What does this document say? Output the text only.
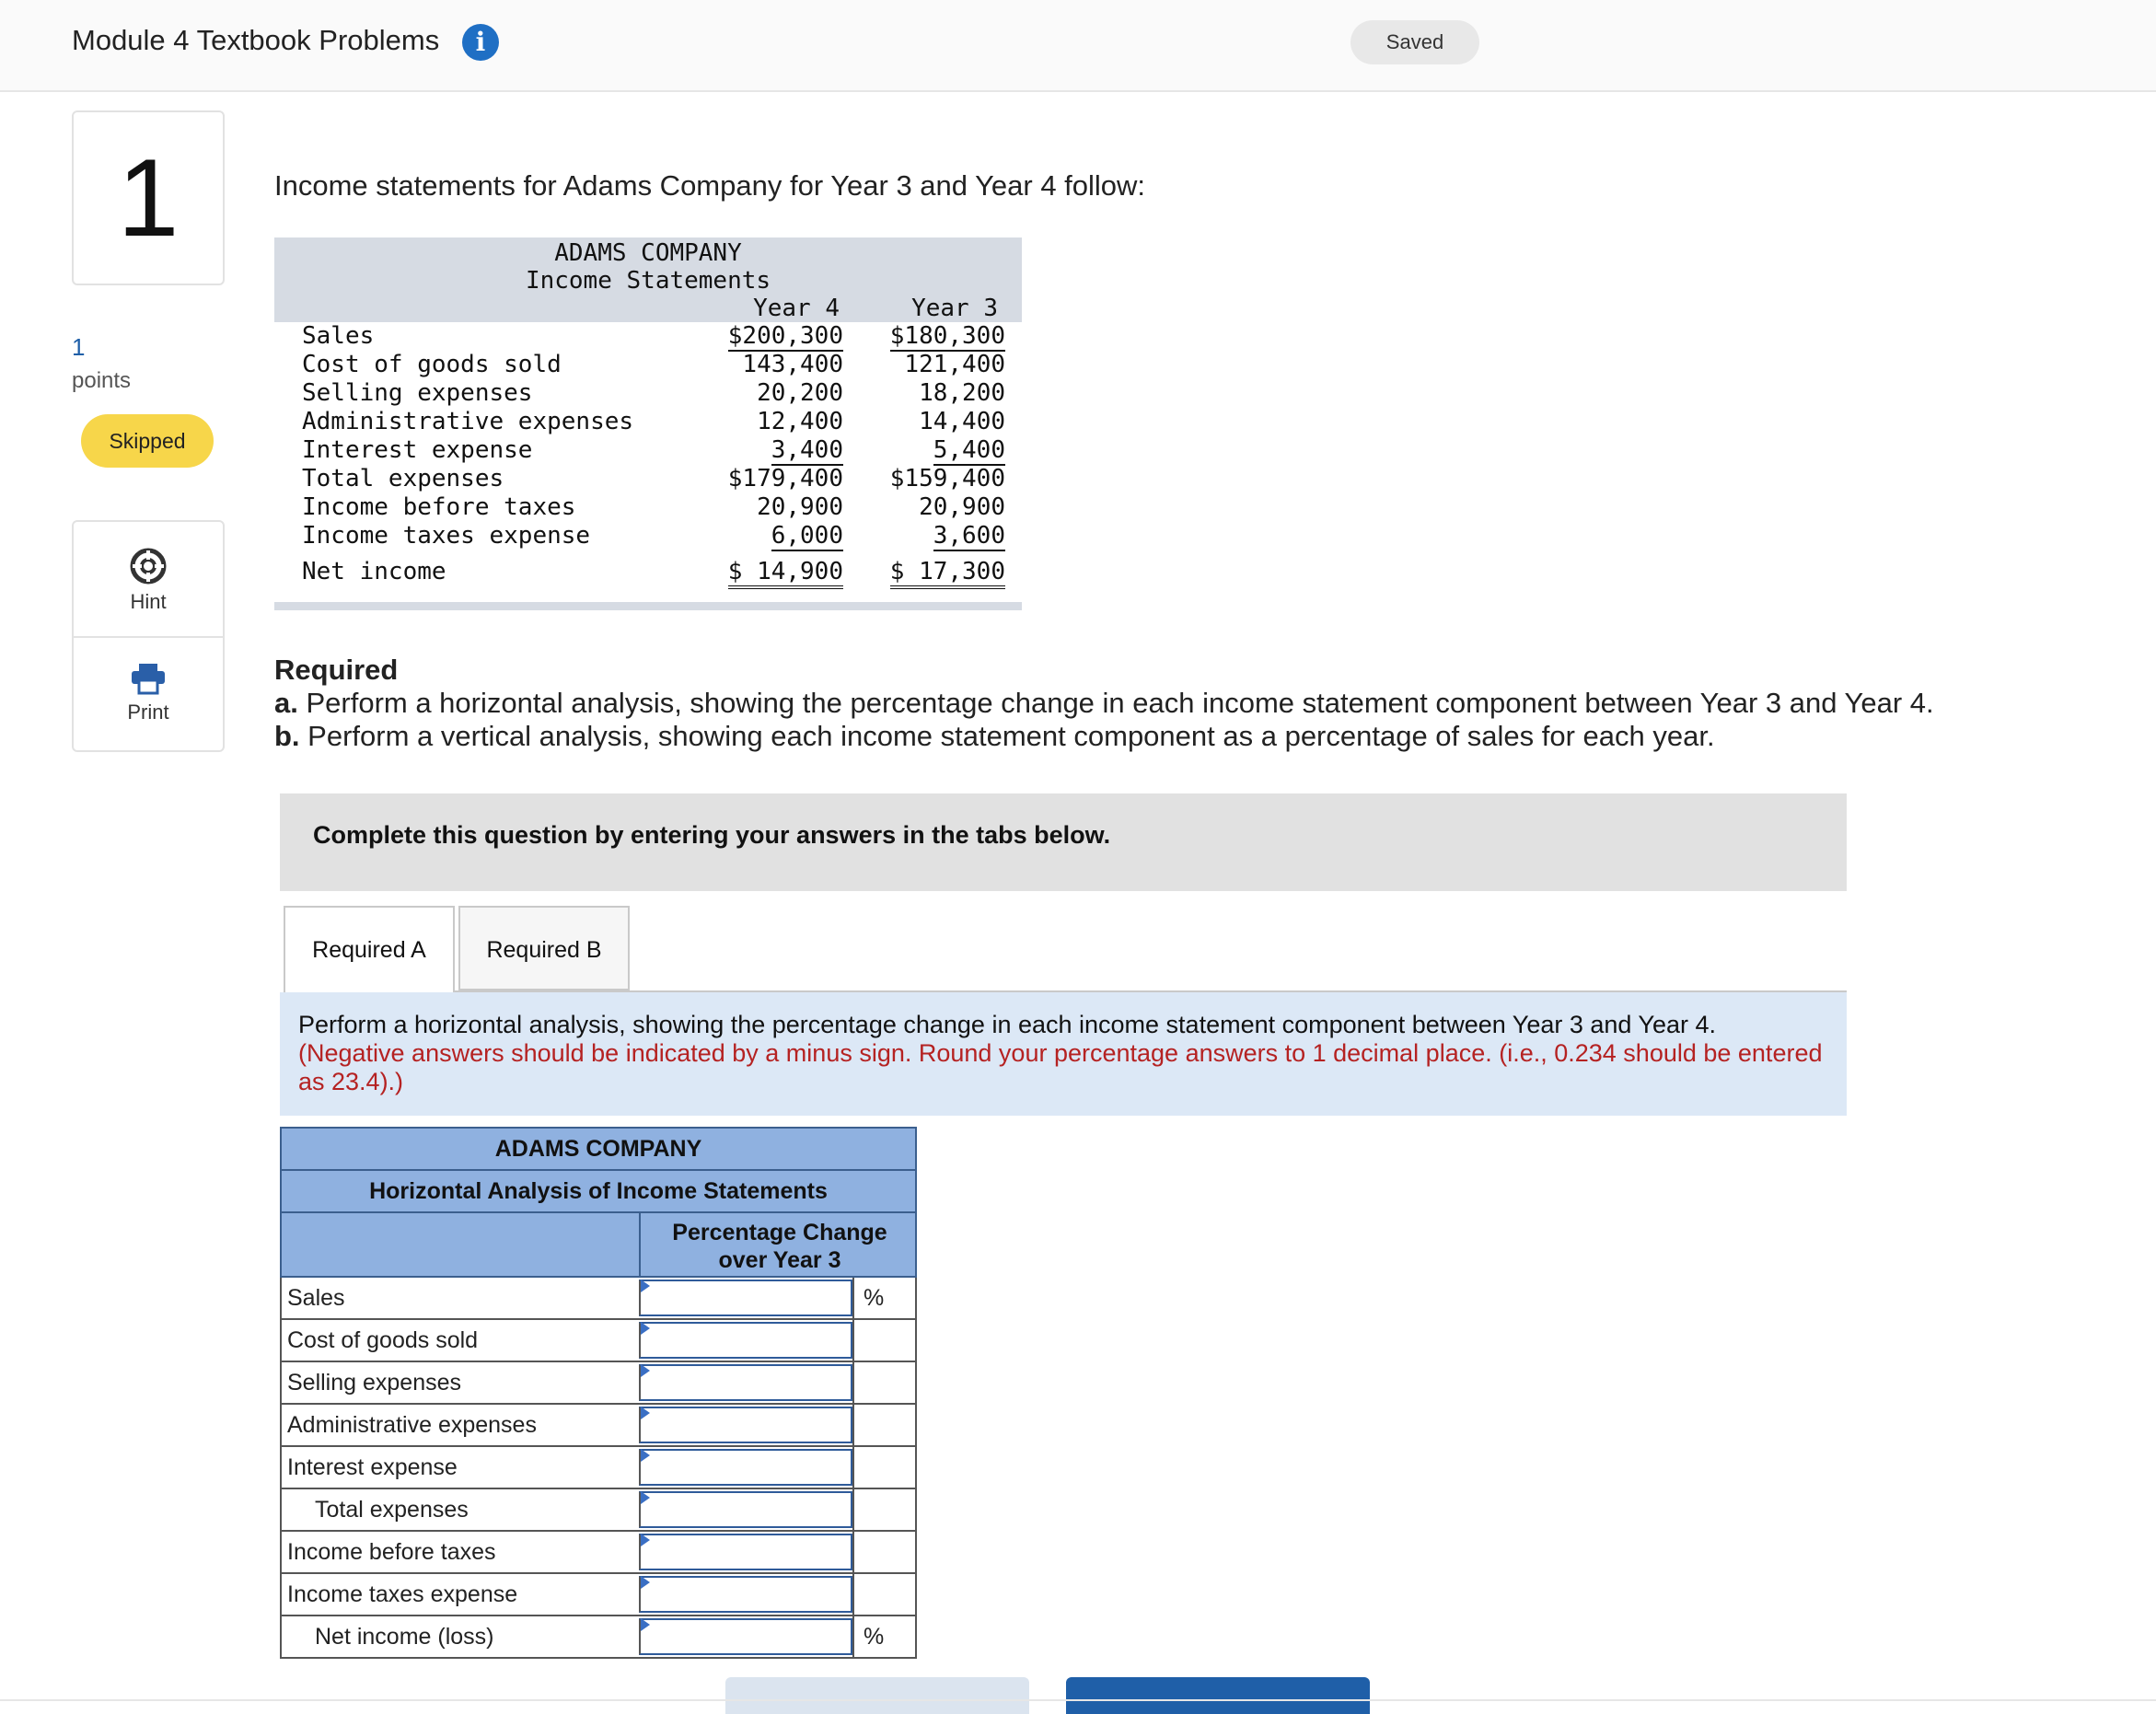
Module 4 Textbook Problems	i	Saved
1
1
points
Skipped
Hint
Print
Income statements for Adams Company for Year 3 and Year 4 follow:
ADAMS COMPANY
Income Statements
Year 4	Year 3
Sales	$200,300 $180,300
Cost of goods sold	143,400	121,400
Selling expenses	20,200	18,200
Administrative expenses	12,400	14,400
Interest expense	3,400	5,400
Total expenses	$179,400 $159,400
Income before taxes	20,900	20,900
Income taxes expense	6,000	3,600
Net income	$ 14,900 $ 17,300
Required
a. Perform a horizontal analysis, showing the percentage change in each income statement component between Year 3 and Year 4.
b. Perform a vertical analysis, showing each income statement component as a percentage of sales for each year.
Complete this question by entering your answers in the tabs below.
Required A	Required B
Perform a horizontal analysis, showing the percentage change in each income statement component between Year 3 and Year 4. (Negative answers should be indicated by a minus sign. Round your percentage answers to 1 decimal place. (i.e., 0.234 should be entered as 23.4).)
ADAMS COMPANY
Horizontal Analysis of Income Statements
Percentage Change
over Year 3
Sales	%
Cost of goods sold
Selling expenses
Administrative expenses
Interest expense
Total expenses
Income before taxes
Income taxes expense
Net income (loss)	%
